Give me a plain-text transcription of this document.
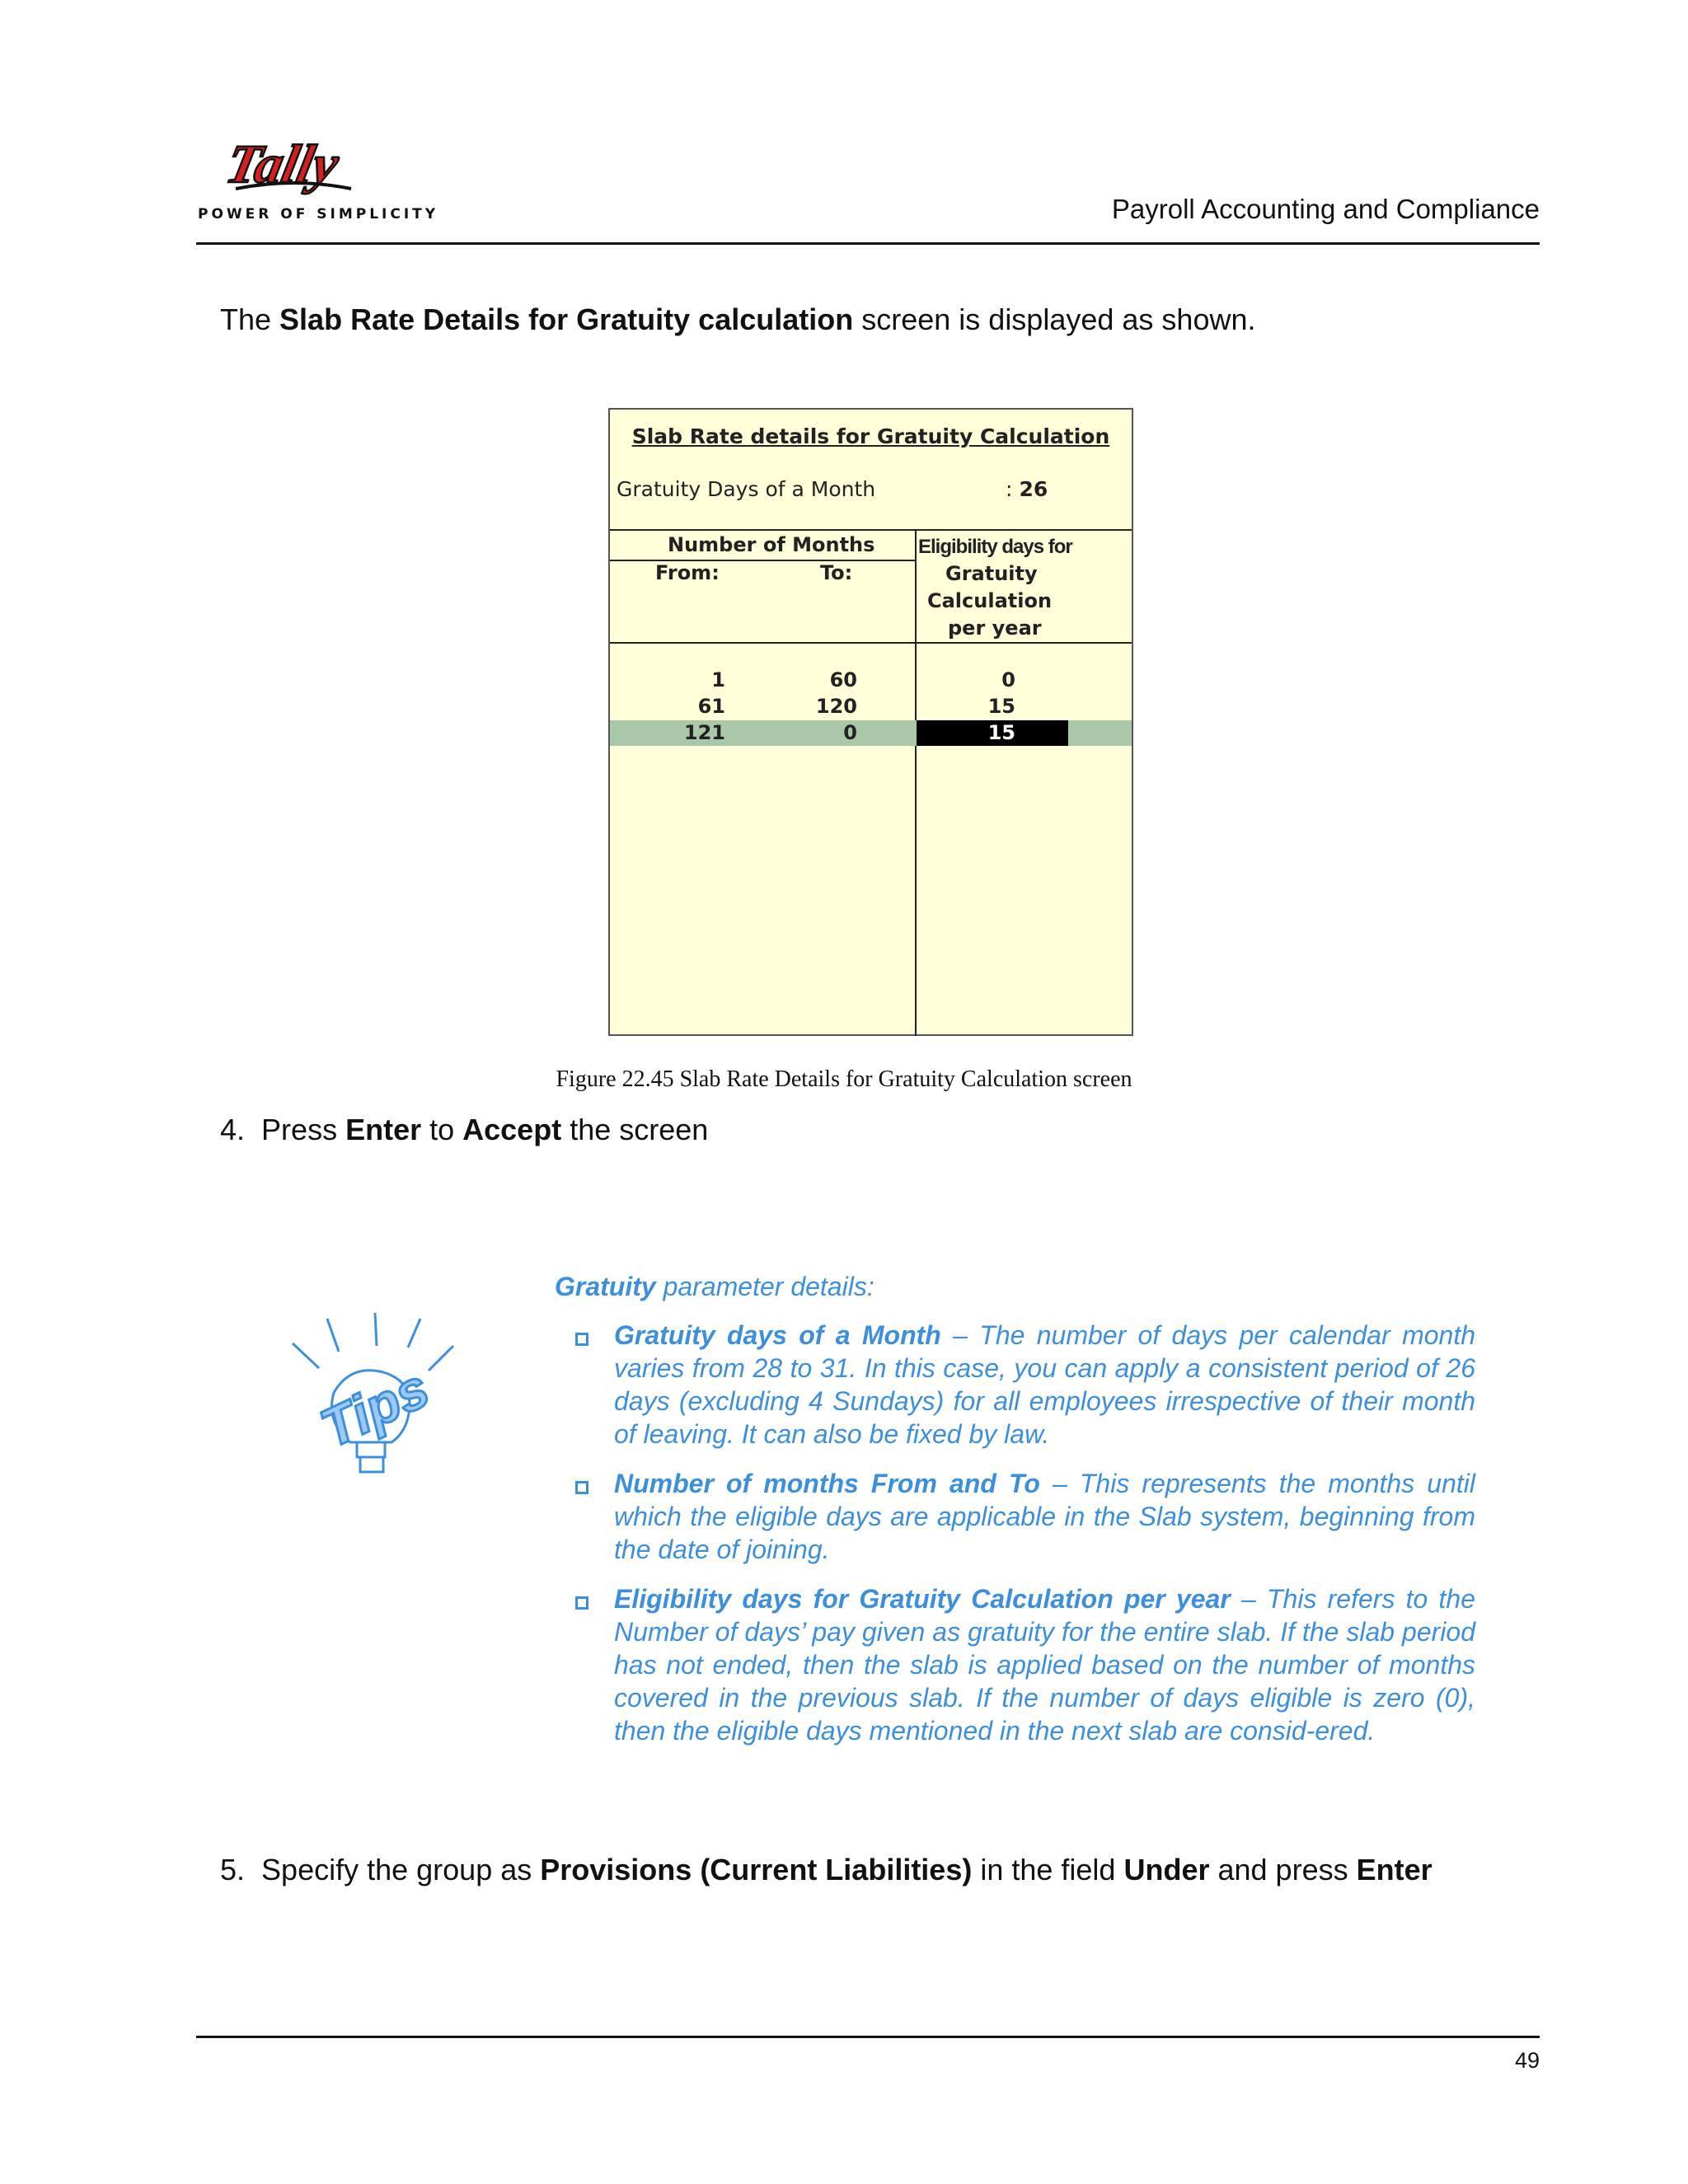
Tally
POWER OF SIMPLICITY	Payroll Accounting and Compliance
The Slab Rate Details for Gratuity calculation screen is displayed as shown.
Slab Rate details for Gratuity Calculation
Gratuity Days of a Month	: 26
Number of Months
From:	To:
Eligibility days for
Gratuity
Calculation
per year
1	60	0
61	120	15
121	0	15
Figure 22.45 Slab Rate Details for Gratuity Calculation screen
4. Press Enter to Accept the screen
Tips
Gratuity parameter details:
Gratuity days of a Month – The number of days per calendar month varies from 28 to 31. In this case, you can apply a consistent period of 26 days (excluding 4 Sundays) for all employees irrespective of their month of leaving. It can also be fixed by law.
Number of months From and To – This represents the months until which the eligible days are applicable in the Slab system, beginning from the date of joining.
Eligibility days for Gratuity Calculation per year – This refers to the Number of days’ pay given as gratuity for the entire slab. If the slab period has not ended, then the slab is applied based on the number of months covered in the previous slab. If the number of days eligible is zero (0), then the eligible days mentioned in the next slab are consid-ered.
5. Specify the group as Provisions (Current Liabilities) in the field Under and press Enter
49
